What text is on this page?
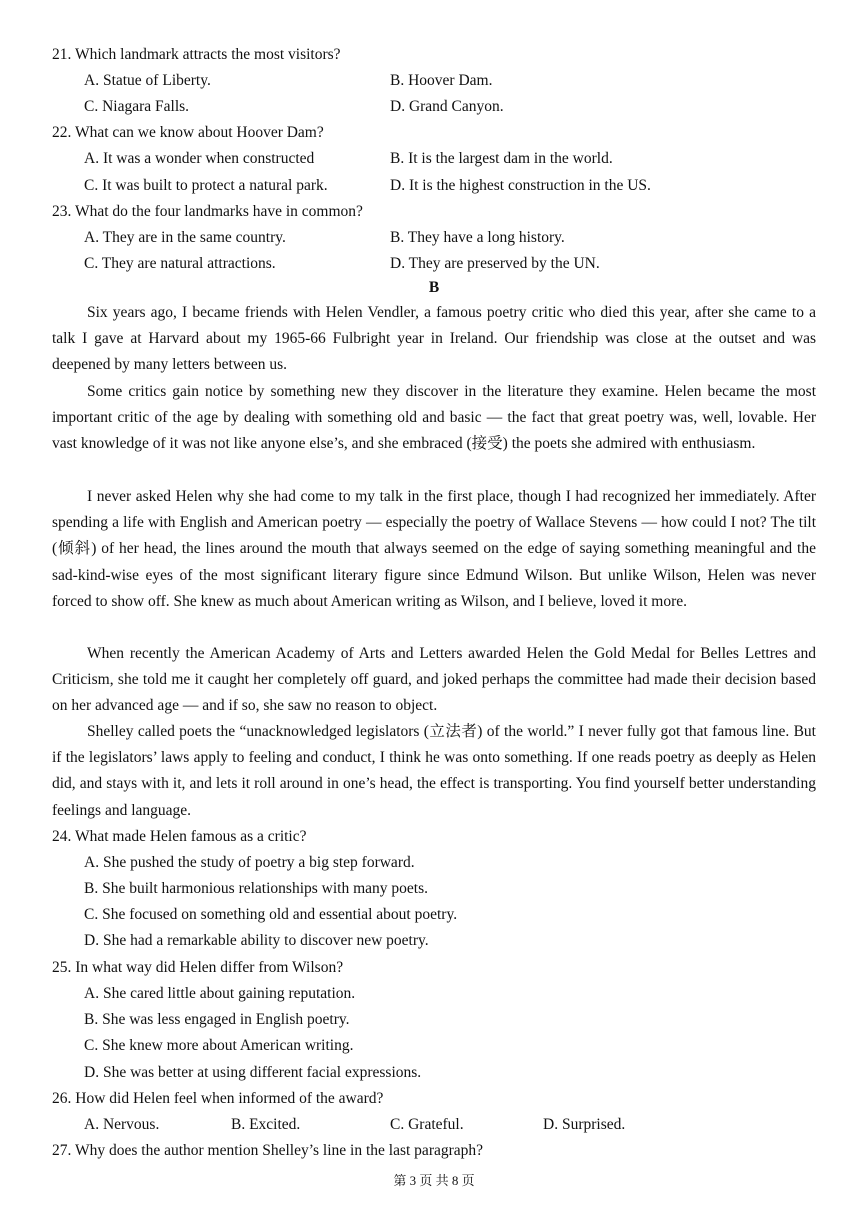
21. Which landmark attracts the most visitors?
A. Statue of Liberty.	B. Hoover Dam.
C. Niagara Falls.	D. Grand Canyon.
22. What can we know about Hoover Dam?
A. It was a wonder when constructed	B. It is the largest dam in the world.
C. It was built to protect a natural park.	D. It is the highest construction in the US.
23. What do the four landmarks have in common?
A. They are in the same country.	B. They have a long history.
C. They are natural attractions.	D. They are preserved by the UN.
B

Six years ago, I became friends with Helen Vendler, a famous poetry critic who died this year, after she came to a talk I gave at Harvard about my 1965-66 Fulbright year in Ireland. Our friendship was close at the outset and was deepened by many letters between us.

Some critics gain notice by something new they discover in the literature they examine. Helen became the most important critic of the age by dealing with something old and basic — the fact that great poetry was, well, lovable. Her vast knowledge of it was not like anyone else’s, and she embraced (接受) the poets she admired with enthusiasm.

I never asked Helen why she had come to my talk in the first place, though I had recognized her immediately. After spending a life with English and American poetry — especially the poetry of Wallace Stevens — how could I not? The tilt (倾斜) of her head, the lines around the mouth that always seemed on the edge of saying something meaningful and the sad-kind-wise eyes of the most significant literary figure since Edmund Wilson. But unlike Wilson, Helen was never forced to show off. She knew as much about American writing as Wilson, and I believe, loved it more.

When recently the American Academy of Arts and Letters awarded Helen the Gold Medal for Belles Lettres and Criticism, she told me it caught her completely off guard, and joked perhaps the committee had made their decision based on her advanced age — and if so, she saw no reason to object.

Shelley called poets the “unacknowledged legislators (立法者) of the world.” I never fully got that famous line. But if the legislators’ laws apply to feeling and conduct, I think he was onto something. If one reads poetry as deeply as Helen did, and stays with it, and lets it roll around in one’s head, the effect is transporting. You find yourself better understanding feelings and language.

24. What made Helen famous as a critic?
A. She pushed the study of poetry a big step forward.
B. She built harmonious relationships with many poets.
C. She focused on something old and essential about poetry.
D. She had a remarkable ability to discover new poetry.
25. In what way did Helen differ from Wilson?
A. She cared little about gaining reputation.
B. She was less engaged in English poetry.
C. She knew more about American writing.
D. She was better at using different facial expressions.
26. How did Helen feel when informed of the award?
A. Nervous.	B. Excited.	C. Grateful.	D. Surprised.
27. Why does the author mention Shelley’s line in the last paragraph?
第 3 页 共 8 页
